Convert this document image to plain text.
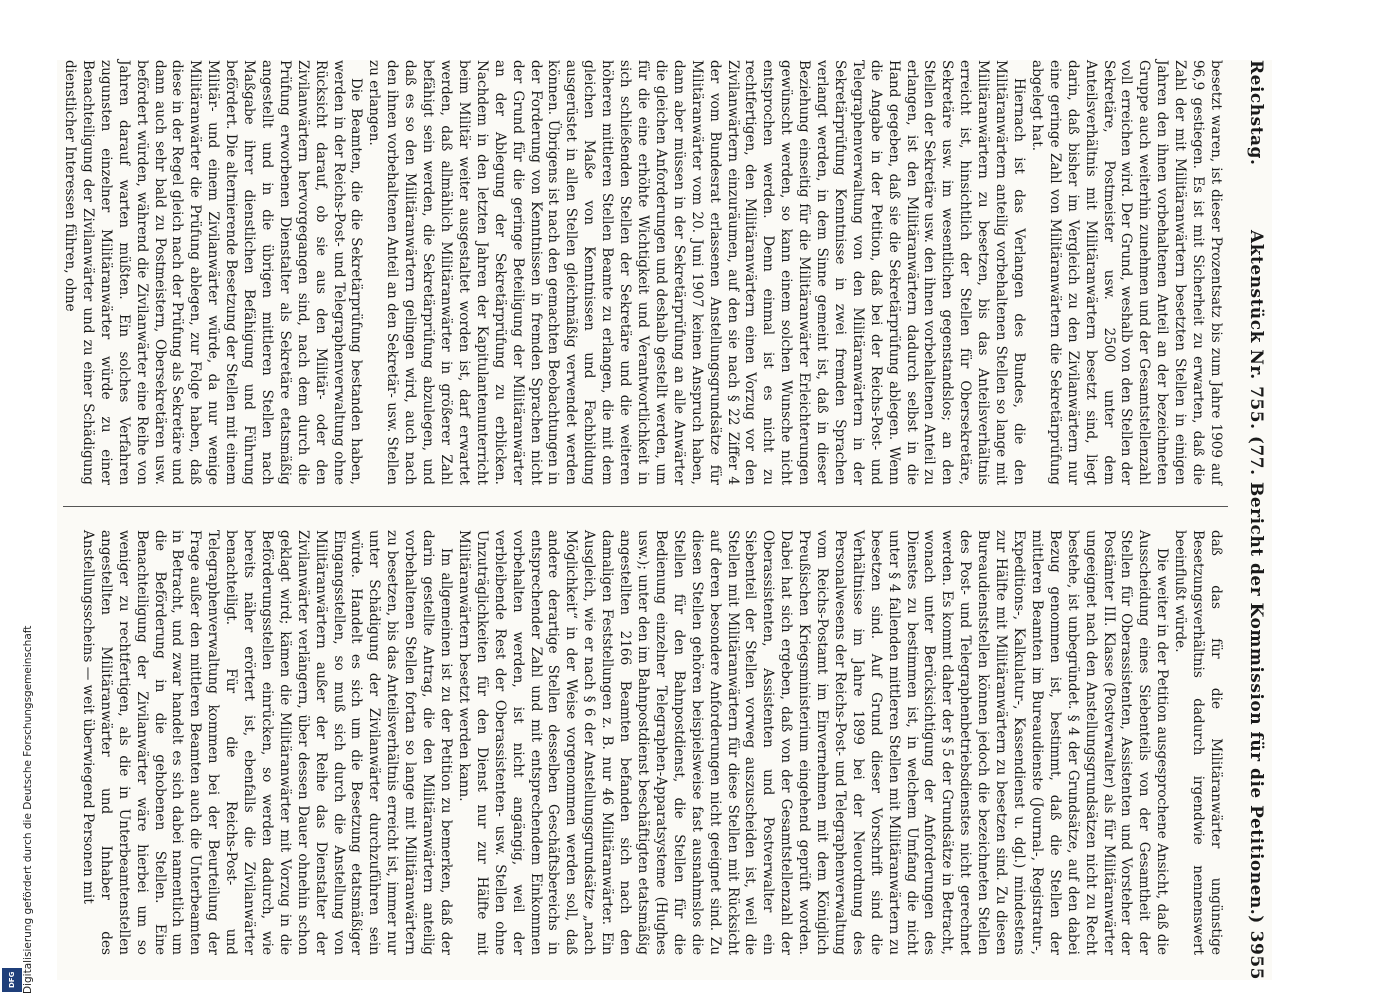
Reichstag.
Aktenstück Nr. 755. (77. Bericht der Kommission für die Petitionen.)
3955

besetzt waren, ist dieser Prozentsatz bis zum Jahre 1909 auf 96,9 gestiegen. Es ist mit Sicherheit zu erwarten, daß die Zahl der mit Militäranwärtern besetzten Stellen in einigen Jahren den ihnen vorbehaltenen Anteil an der bezeichneten Gruppe auch weiterhin zunehmen und der Gesamtstellenzahl voll erreichen wird. Der Grund, weshalb von den Stellen der Sekretäre, Postmeister usw. 2500 unter dem Anteilsverhältnis mit Militäranwärtern besetzt sind, liegt darin, daß bisher im Vergleich zu den Zivilanwärtern nur eine geringe Zahl von Militäranwärtern die Sekretärprüfung abgelegt hat.

Hiernach ist das Verlangen des Bundes, die den Militäranwärtern anteilig vorbehaltenen Stellen so lange mit Militäranwärtern zu besetzen, bis das Anteilsverhältnis erreicht ist, hinsichtlich der Stellen für Obersekretäre, Sekretäre usw. im wesentlichen gegenstandslos; an den Stellen der Sekretäre usw. den ihnen vorbehaltenen Anteil zu erlangen, ist den Militäranwärtern dadurch selbst in die Hand gegeben, daß sie die Sekretärprüfung ablegen. Wenn die Angabe in der Petition, daß bei der Reichs-Post- und Telegraphenverwaltung von den Militäranwärtern in der Sekretärprüfung Kenntnisse in zwei fremden Sprachen verlangt werden, in dem Sinne gemeint ist, daß in dieser Beziehung einseitig für die Militäranwärter Erleichterungen gewünscht werden, so kann einem solchen Wunsche nicht entsprochen werden. Denn einmal ist es nicht zu rechtfertigen, den Militäranwärtern einen Vorzug vor den Zivilanwärtern einzuräumen, auf den sie nach § 22 Ziffer 4 der vom Bundesrat erlassenen Anstellungsgrundsätze für Militäranwärter vom 20. Juni 1907 keinen Anspruch haben, dann aber müssen in der Sekretärprüfung an alle Anwärter die gleichen Anforderungen und deshalb gestellt werden, um für die eine erhöhte Wichtigkeit und Verantwortlichkeit in sich schließenden Stellen der Sekretäre und die weiteren höheren mittleren Stellen Beamte zu erlangen, die mit dem gleichen Maße von Kenntnissen und Fachbildung ausgerüstet in allen Stellen gleichmäßig verwendet werden können. Übrigens ist nach den gemachten Beobachtungen in der Forderung von Kenntnissen in fremden Sprachen nicht der Grund für die geringe Beteiligung der Militäranwärter an der Ablegung der Sekretärprüfung zu erblicken. Nachdem in den letzten Jahren der Kapitulantenunterricht beim Militär weiter ausgestaltet worden ist, darf erwartet werden, daß allmählich Militäranwärter in größerer Zahl befähigt sein werden, die Sekretärprüfung abzulegen, und daß es so den Militäranwärtern gelingen wird, auch nach den ihnen vorbehaltenen Anteil an den Sekretär- usw. Stellen zu erlangen.

Die Beamten, die die Sekretärprüfung bestanden haben, werden in der Reichs-Post- und Telegraphenverwaltung ohne Rücksicht darauf, ob sie aus den Militär- oder den Zivilanwärtern hervorgegangen sind, nach dem durch die Prüfung erworbenen Dienstalter als Sekretäre etatsmäßig angestellt und in die übrigen mittleren Stellen nach Maßgabe ihrer dienstlichen Befähigung und Führung befördert. Die alternierende Besetzung der Stellen mit einem Militär- und einem Zivilanwärter würde, da nur wenige Militäranwärter die Prüfung ablegen, zur Folge haben, daß diese in der Regel gleich nach der Prüfung als Sekretäre und dann auch sehr bald zu Postmeistern, Obersekretären usw. befördert würden, während die Zivilanwärter eine Reihe von Jahren darauf warten müßten. Ein solches Verfahren zugunsten einzelner Militäranwärter würde zu einer Benachteiligung der Zivilanwärter und zu einer Schädigung dienstlicher Interessen führen, ohne

daß das für die Militäranwärter ungünstige Besetzungsverhältnis dadurch irgendwie nennenswert beeinflußt würde.

Die weiter in der Petition ausgesprochene Ansicht, daß die Ausscheidung eines Siebenteils von der Gesamtheit der Stellen für Oberassistenten, Assistenten und Vorsteher der Postämter III. Klasse (Postverwalter) als für Militäranwärter ungeeignet nach den Anstellungsgrundsätzen nicht zu Recht bestehe, ist unbegründet. § 4 der Grundsätze, auf den dabei Bezug genommen ist, bestimmt, daß die Stellen der mittleren Beamten im Bureaudienste (Journal-, Registratur-, Expeditions-, Kalkulatur-, Kassendienst u. dgl.) mindestens zur Hälfte mit Militäranwärtern zu besetzen sind. Zu diesen Bureaudienststellen können jedoch die bezeichneten Stellen des Post- und Telegraphenbetriebsdienstes nicht gerechnet werden. Es kommt daher der § 5 der Grundsätze in Betracht, wonach unter Berücksichtigung der Anforderungen des Dienstes zu bestimmen ist, in welchem Umfang die nicht unter § 4 fallenden mittleren Stellen mit Militäranwärtern zu besetzen sind. Auf Grund dieser Vorschrift sind die Verhältnisse im Jahre 1899 bei der Neuordnung des Personalwesens der Reichs-Post- und Telegraphenverwaltung vom Reichs-Postamt im Einvernehmen mit dem Königlich Preußischen Kriegsministerium eingehend geprüft worden. Dabei hat sich ergeben, daß von der Gesamtstellenzahl der Oberassistenten, Assistenten und Postverwalter ein Siebenteil der Stellen vorweg auszuscheiden ist, weil die Stellen mit Militäranwärtern für diese Stellen mit Rücksicht auf deren besondere Anforderungen nicht geeignet sind. Zu diesen Stellen gehören beispielsweise fast ausnahmslos die Stellen für den Bahnpostdienst, die Stellen für die Bedienung einzelner Telegraphen-Apparatsysteme (Hughes usw.); unter den im Bahnpostdienst beschäftigten etatsmäßig angestellten 2166 Beamten befanden sich nach den damaligen Feststellungen z. B. nur 46 Militäranwärter. Ein Ausgleich, wie er nach § 6 der Anstellungsgrundsätze „nach Möglichkeit“ in der Weise vorgenommen werden soll, daß andere derartige Stellen desselben Geschäftsbereichs in entsprechender Zahl und mit entsprechendem Einkommen vorbehalten werden, ist nicht angängig, weil der verbleibende Rest der Oberassistenten- usw. Stellen ohne Unzuträglichkeiten für den Dienst nur zur Hälfte mit Militäranwärtern besetzt werden kann.

Im allgemeinen ist zu der Petition zu bemerken, daß der darin gestellte Antrag, die den Militäranwärtern anteilig vorbehaltenen Stellen fortan so lange mit Militäranwärtern zu besetzen, bis das Anteilsverhältnis erreicht ist, immer nur unter Schädigung der Zivilanwärter durchzuführen sein würde. Handelt es sich um die Besetzung etatsmäßiger Eingangsstellen, so muß sich durch die Anstellung von Militäranwärtern außer der Reihe das Dienstalter der Zivilanwärter verlängern, über dessen Dauer ohnehin schon geklagt wird; kämen die Militäranwärter mit Vorzug in die Beförderungsstellen einrücken, so werden dadurch, wie bereits näher erörtert ist, ebenfalls die Zivilanwärter benachteiligt. Für die Reichs-Post- und Telegraphenverwaltung kommen bei der Beurteilung der Frage außer den mittleren Beamten auch die Unterbeamten in Betracht, und zwar handelt es sich dabei namentlich um die Beförderung in die gehobenen Stellen. Eine Benachteiligung der Zivilanwärter wäre hierbei um so weniger zu rechtfertigen, als die in Unterbeamtenstellen angestellten Militäranwärter und Inhaber des Anstellungsscheins — weit überwiegend Personen mit

Digitalisierung gefördert durch die Deutsche Forschungsgemeinschaft
DFG
